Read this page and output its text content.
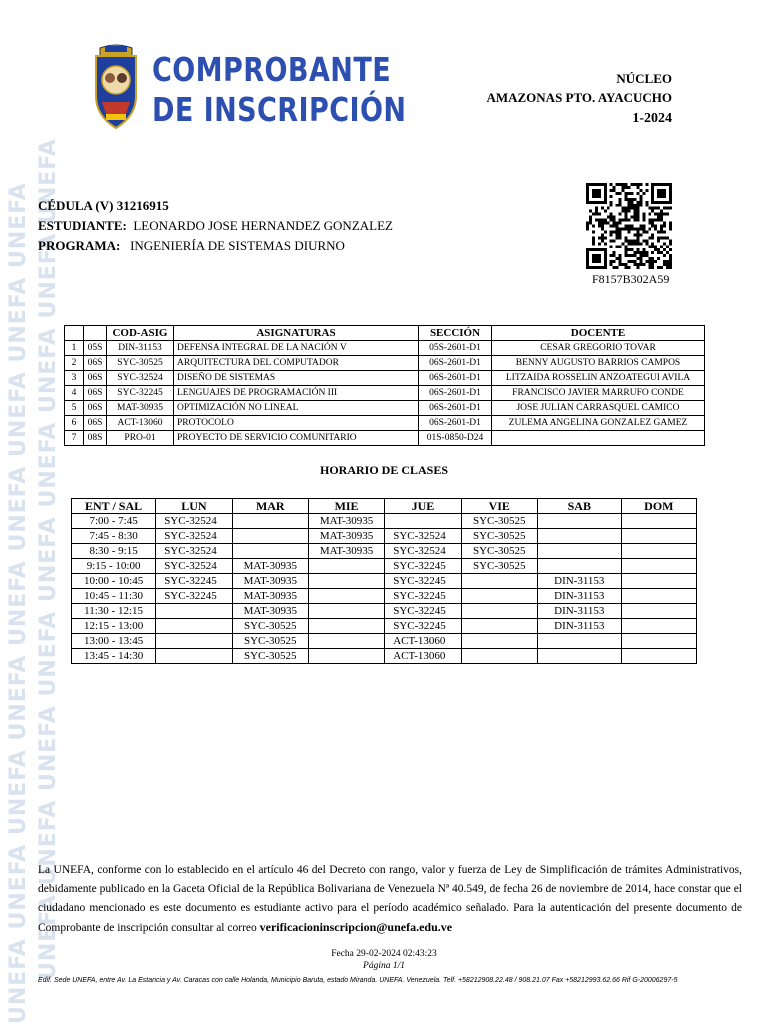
UNEFA UNEFA UNEFA UNEFA UNEFA UNEFA UNEFA UNEFA UNEFA UNEFA UNEFA UNEFA UNEFA UNEFA UNEFA UNEFA UNEFA UNEFA
COMPROBANTE
DE INSCRIPCIÓN
NÚCLEO
AMAZONAS PTO. AYACUCHO
1-2024
CÉDULA (V) 31216915
ESTUDIANTE: LEONARDO JOSE HERNANDEZ GONZALEZ
PROGRAMA: INGENIERÍA DE SISTEMAS DIURNO
F8157B302A59
		COD-ASIG	ASIGNATURAS	SECCIÓN	DOCENTE
1	05S	DIN-31153	DEFENSA INTEGRAL DE LA NACIÓN V	05S-2601-D1	CESAR GREGORIO TOVAR
2	06S	SYC-30525	ARQUITECTURA DEL COMPUTADOR	06S-2601-D1	BENNY AUGUSTO BARRIOS CAMPOS
3	06S	SYC-32524	DISEÑO DE SISTEMAS	06S-2601-D1	LITZAIDA ROSSELIN ANZOATEGUI AVILA
4	06S	SYC-32245	LENGUAJES DE PROGRAMACIÓN III	06S-2601-D1	FRANCISCO JAVIER MARRUFO CONDE
5	06S	MAT-30935	OPTIMIZACIÓN NO LINEAL	06S-2601-D1	JOSE JULIAN CARRASQUEL CAMICO
6	06S	ACT-13060	PROTOCOLO	06S-2601-D1	ZULEMA ANGELINA GONZALEZ GAMEZ
7	08S	PRO-01	PROYECTO DE SERVICIO COMUNITARIO	01S-0850-D24	
HORARIO DE CLASES
ENT / SAL	LUN	MAR	MIE	JUE	VIE	SAB	DOM
7:00 - 7:45	SYC-32524		MAT-30935		SYC-30525		
7:45 - 8:30	SYC-32524		MAT-30935	SYC-32524	SYC-30525		
8:30 - 9:15	SYC-32524		MAT-30935	SYC-32524	SYC-30525		
9:15 - 10:00	SYC-32524	MAT-30935		SYC-32245	SYC-30525		
10:00 - 10:45	SYC-32245	MAT-30935		SYC-32245		DIN-31153	
10:45 - 11:30	SYC-32245	MAT-30935		SYC-32245		DIN-31153	
11:30 - 12:15		MAT-30935		SYC-32245		DIN-31153	
12:15 - 13:00		SYC-30525		SYC-32245		DIN-31153	
13:00 - 13:45		SYC-30525		ACT-13060			
13:45 - 14:30		SYC-30525		ACT-13060			
La UNEFA, conforme con lo establecido en el artículo 46 del Decreto con rango, valor y fuerza de Ley de Simplificación de trámites Administrativos, debidamente publicado en la Gaceta Oficial de la República Bolivariana de Venezuela Nª 40.549, de fecha 26 de noviembre de 2014, hace constar que el ciudadano mencionado es este documento es estudiante activo para el período académico señalado. Para la autenticación del presente documento de Comprobante de inscripción consultar al correo verificacioninscripcion@unefa.edu.ve
Fecha 29-02-2024 02:43:23
Página 1/1
Edif. Sede UNEFA, entre Av. La Estancia y Av. Caracas con calle Holanda, Municipio Baruta, estado Miranda. UNEFA. Venezuela. Telf. +58212908.22.48 / 908.21.07 Fax +58212993.62.66 Rif G-20006297-5
